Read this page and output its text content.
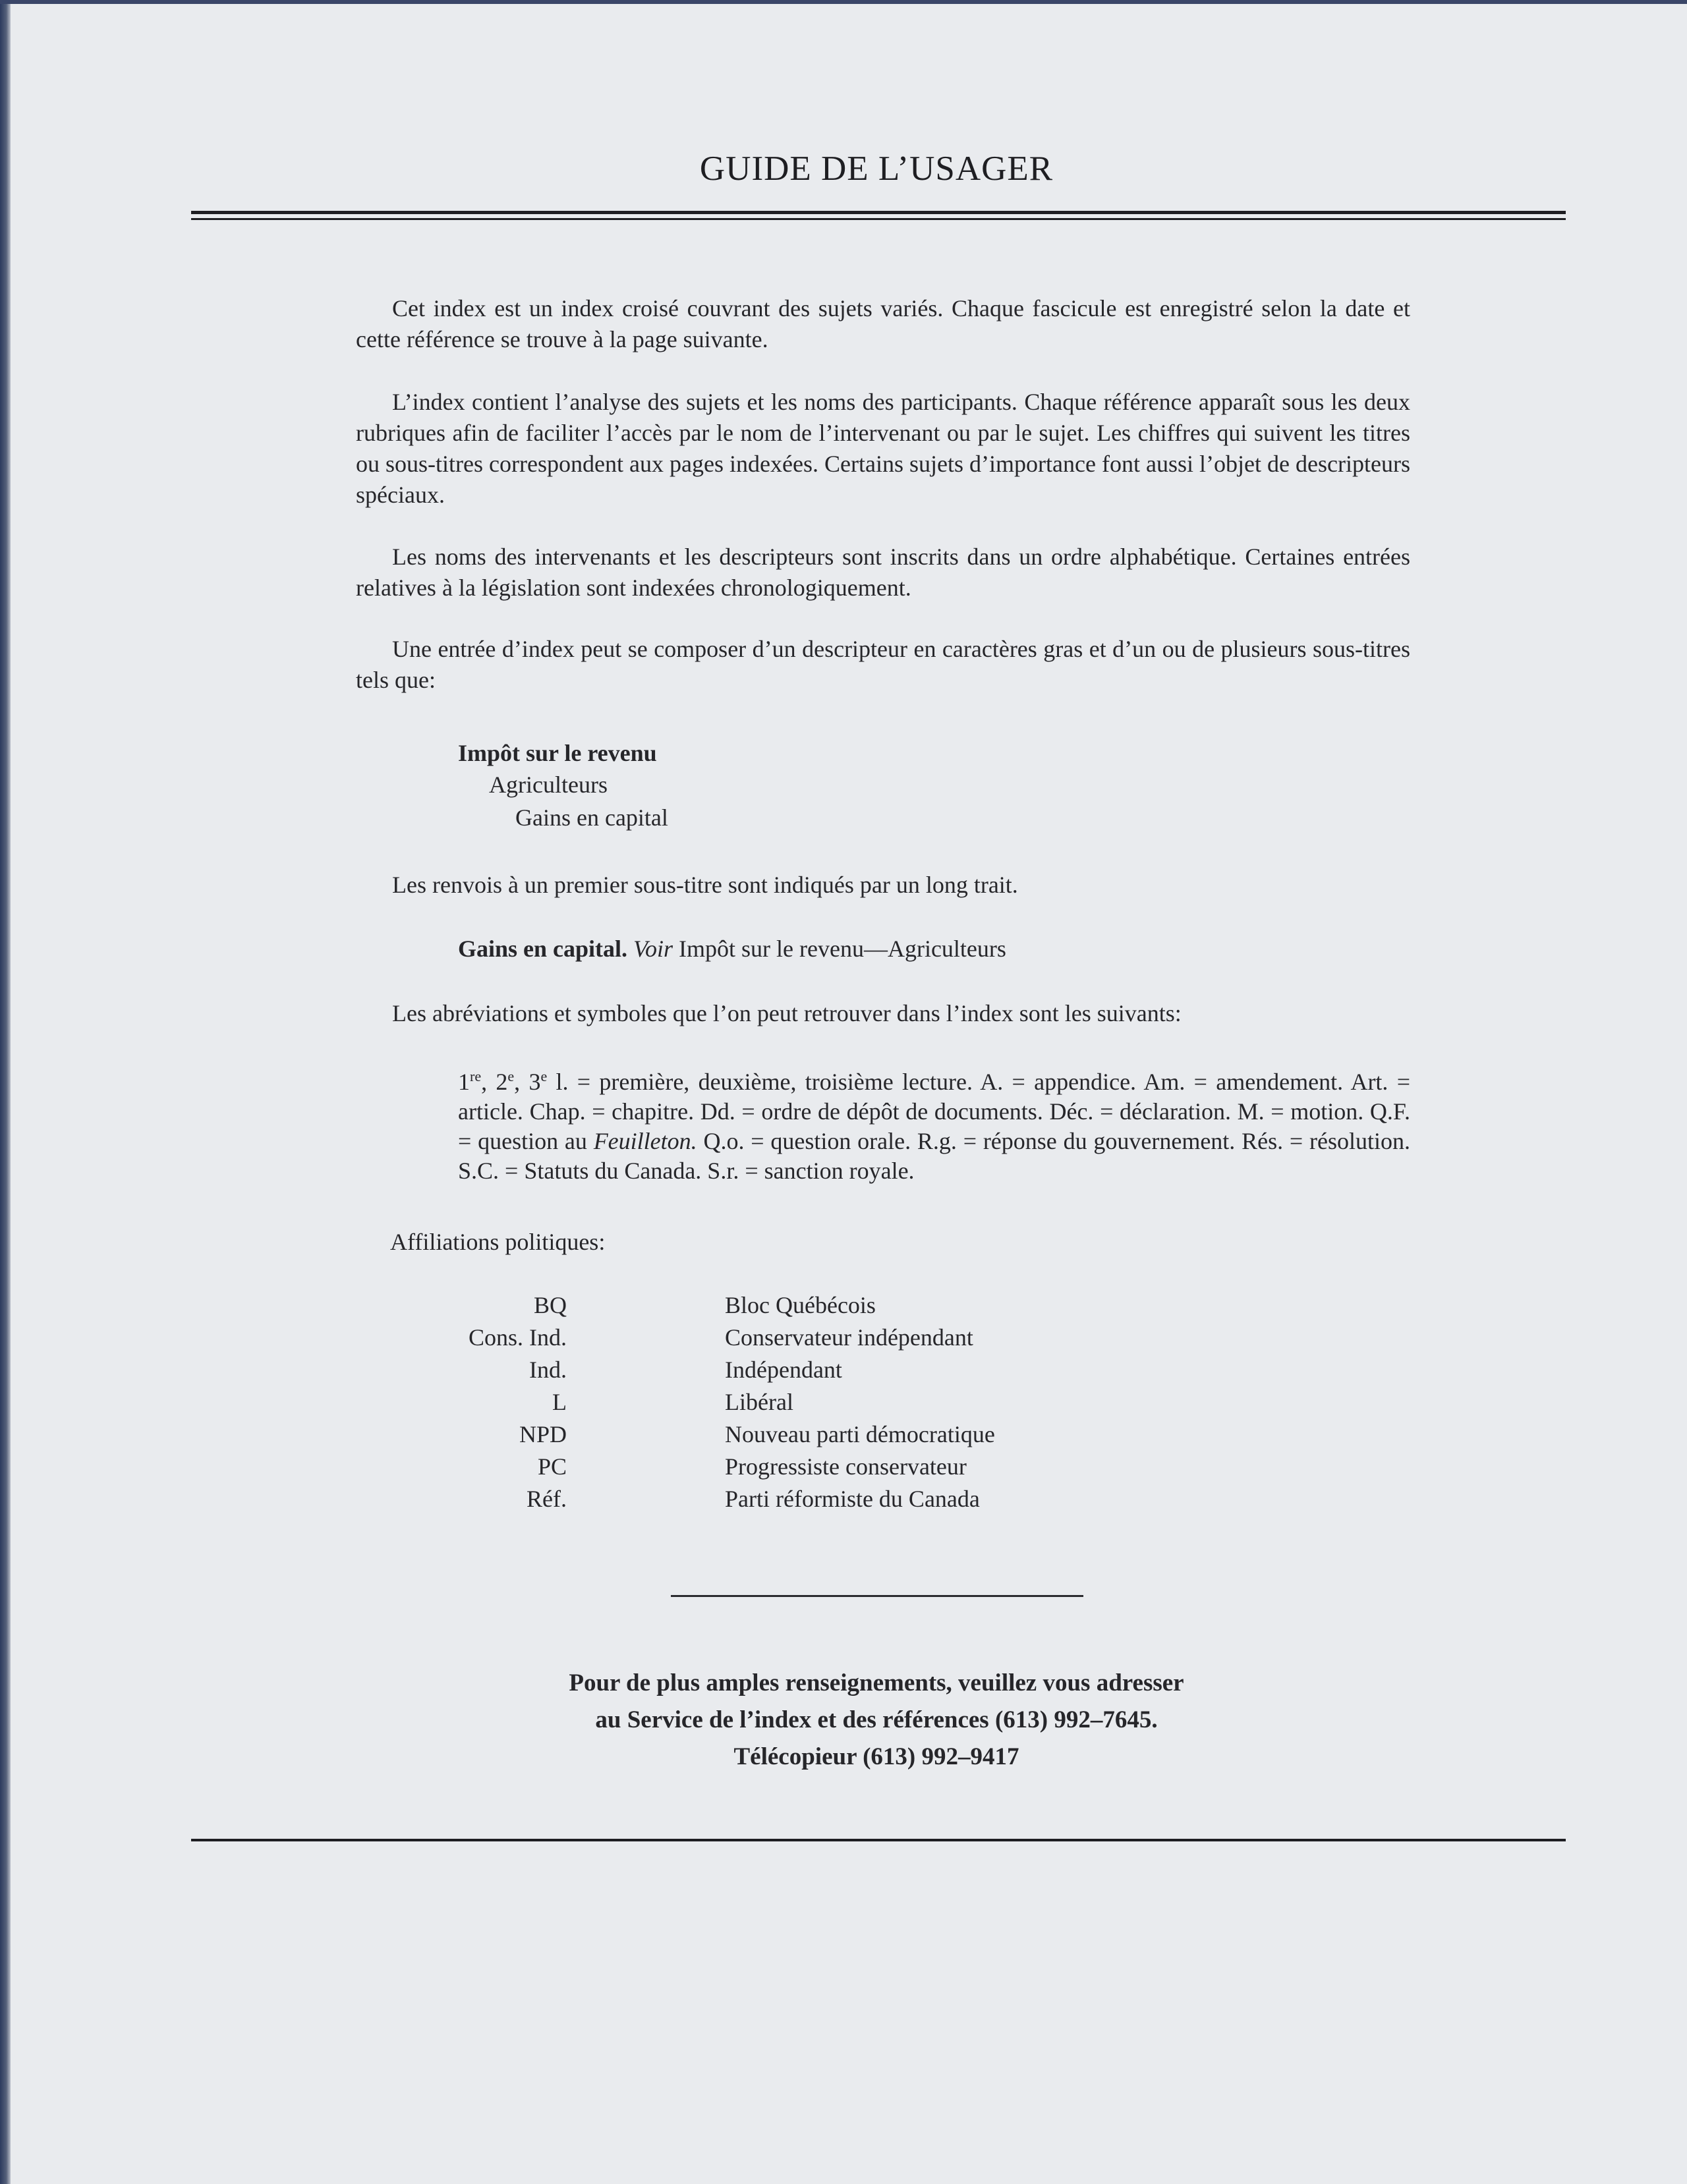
GUIDE DE L’USAGER

Cet index est un index croisé couvrant des sujets variés. Chaque fascicule est enregistré selon la date et cette référence se trouve à la page suivante.

L’index contient l’analyse des sujets et les noms des participants. Chaque référence apparaît sous les deux rubriques afin de faciliter l’accès par le nom de l’intervenant ou par le sujet. Les chiffres qui suivent les titres ou sous-titres correspondent aux pages indexées. Certains sujets d’importance font aussi l’objet de descripteurs spéciaux.

Les noms des intervenants et les descripteurs sont inscrits dans un ordre alphabétique. Certaines entrées relatives à la législation sont indexées chronologiquement.

Une entrée d’index peut se composer d’un descripteur en caractères gras et d’un ou de plusieurs sous-titres tels que:

Impôt sur le revenu
Agriculteurs
Gains en capital
Les renvois à un premier sous-titre sont indiqués par un long trait.
Gains en capital. Voir Impôt sur le revenu—Agriculteurs
Les abréviations et symboles que l’on peut retrouver dans l’index sont les suivants:

1re, 2e, 3e l. = première, deuxième, troisième lecture. A. = appendice. Am. = amendement. Art. = article. Chap. = chapitre. Dd. = ordre de dépôt de documents. Déc. = déclaration. M. = motion. Q.F. = question au Feuilleton. Q.o. = question orale. R.g. = réponse du gouvernement. Rés. = résolution. S.C. = Statuts du Canada. S.r. = sanction royale.

Affiliations politiques:
BQ	Bloc Québécois
Cons. Ind.	Conservateur indépendant
Ind.	Indépendant
L	Libéral
NPD	Nouveau parti démocratique
PC	Progressiste conservateur
Réf.	Parti réformiste du Canada
Pour de plus amples renseignements, veuillez vous adresser
au Service de l’index et des références (613) 992–7645.
Télécopieur (613) 992–9417
